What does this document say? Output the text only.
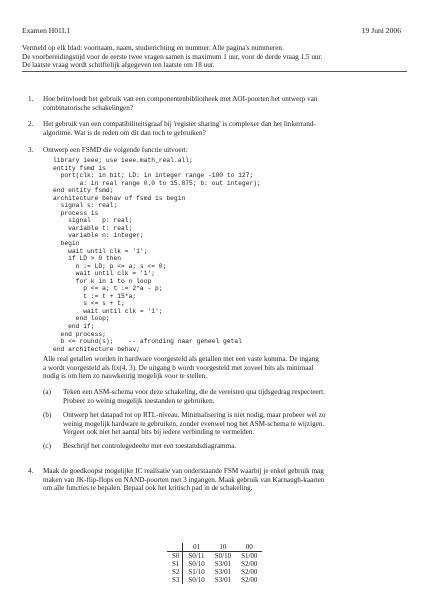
Examen H01L1	19 Juni 2006
Vermeld op elk blad: voornaam, naam, studierichting en nummer. Alle pagina's nummeren.
De voorbereidingstijd voor de eerste twee vragen samen is maximum 1 uur, voor de derde vraag 1,5 uur.
De laatste vraag wordt schriftelijk afgegeven ten laatste om 18 uur.
1. Hoe beïnvloedt het gebruik van een componentenbibliotheek met AOI-poorten het ontwerp van
combinatorische schakelingen?
2. Het gebruik van een compatibiliteitsgraaf bij 'register sharing' is complexer dan het linkerrand-
algoritme. Wat is de reden om dit dan toch te gebruiken?
3. Ontwerp een FSMD die volgende functie uitvoert:
library ieee; use ieee.math_real.all;
entity fsmd is
port(clk: in bit; LD: in integer range -100 to 127;
a: in real range 0.0 to 15.875; b: out integer);
end entity fsmd;
architecture behav of fsmd is begin
signal s: real;
process is
signal   p: real;
variable t: real;
variable n: integer;
begin
wait until clk = '1';
if LD > 0 then
n := LD; p <= a; s <= 0;
wait until clk = '1';
for k in 1 to n loop
p <= a; t := 2*a - p;
t := t + 15*a;
s <= s + t;
wait until clk = '1';
end loop;
end if;
end process;
b <= round(s);    -- afronding naar geheel getal
end architecture behav;
Alle real getallen worden in hardware voorgesteld als getallen met een vaste komma. De ingang
a wordt voorgesteld als fix(4, 3). De uitgang b wordt voorgesteld met zoveel bits als minimaal
nodig is om hem zo nauwkeurig mogelijk voor te stellen.
(a) Teken een ASM-schema voor deze schakeling, die de vereisten qua tijdsgedrag respecteert.
Probeer zo weinig mogelijk toestanden te gebruiken.
(b) Ontwerp het datapad tot op RTL-niveau. Minimalisering is niet nodig, maar probeer wel zo
weinig mogelijk hardware te gebruiken, zonder evenwel nog het ASM-schema te wijzigen.
Vergeet ook niet het aantal bits bij iedere verbinding te vermelden.
(c) Beschrijf het controlegedeelte met een toestandsdiagramma.
4. Maak de goedkoopst mogelijke IC realisatie van onderstaande FSM waarbij je enkel gebruik mag
maken van JK-flip-flops en NAND-poorten met 3 ingangen. Maak gebruik van Karnaugh-kaarten
om alle functies te bepalen. Bepaal ook het kritisch pad in de schakeling.
	01	10	00
S0	S0/11	S0/10	S1/00
S1	S0/10	S3/01	S2/00
S2	S1/10	S3/01	S2/00
S3	S0/10	S3/01	S2/00
